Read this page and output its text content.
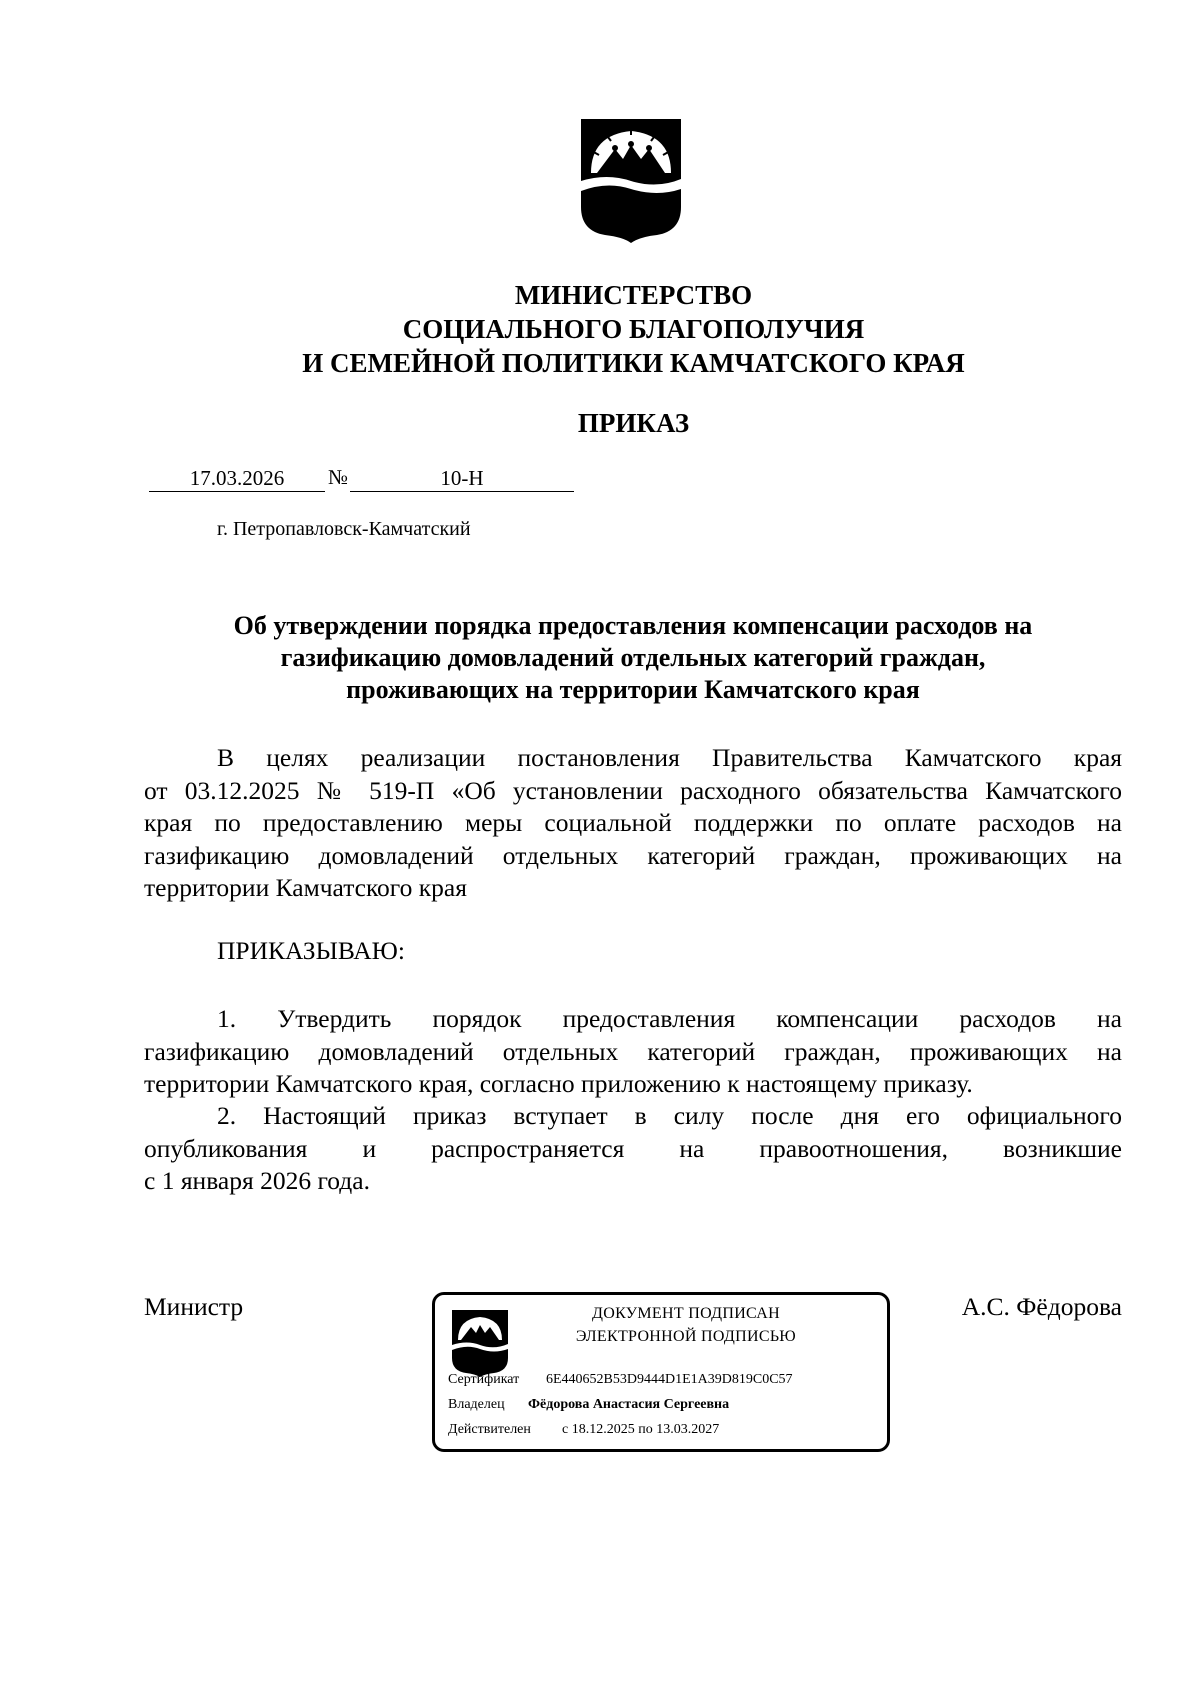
МИНИСТЕРСТВО
СОЦИАЛЬНОГО БЛАГОПОЛУЧИЯ
И СЕМЕЙНОЙ ПОЛИТИКИ КАМЧАТСКОГО КРАЯ
ПРИКАЗ
17.03.2026	№	10-Н
г. Петропавловск-Камчатский
Об утверждении порядка предоставления компенсации расходов на
газификацию домовладений отдельных категорий граждан,
проживающих на территории Камчатского края
В целях реализации постановления Правительства Камчатского края
от 03.12.2025 № 519-П «Об установлении расходного обязательства Камчатского
края по предоставлению меры социальной поддержки по оплате расходов на
газификацию домовладений отдельных категорий граждан, проживающих на
территории Камчатского края
ПРИКАЗЫВАЮ:
1. Утвердить порядок предоставления компенсации расходов на
газификацию домовладений отдельных категорий граждан, проживающих на
территории Камчатского края, согласно приложению к настоящему приказу.
2. Настоящий приказ вступает в силу после дня его официального
опубликования и распространяется на правоотношения, возникшие
с 1 января 2026 года.
Министр	А.С. Фёдорова
ДОКУМЕНТ ПОДПИСАН
ЭЛЕКТРОННОЙ ПОДПИСЬЮ
Сертификат 6E440652B53D9444D1E1A39D819C0C57
Владелец Фёдорова Анастасия Сергеевна
Действителен с 18.12.2025 по 13.03.2027
